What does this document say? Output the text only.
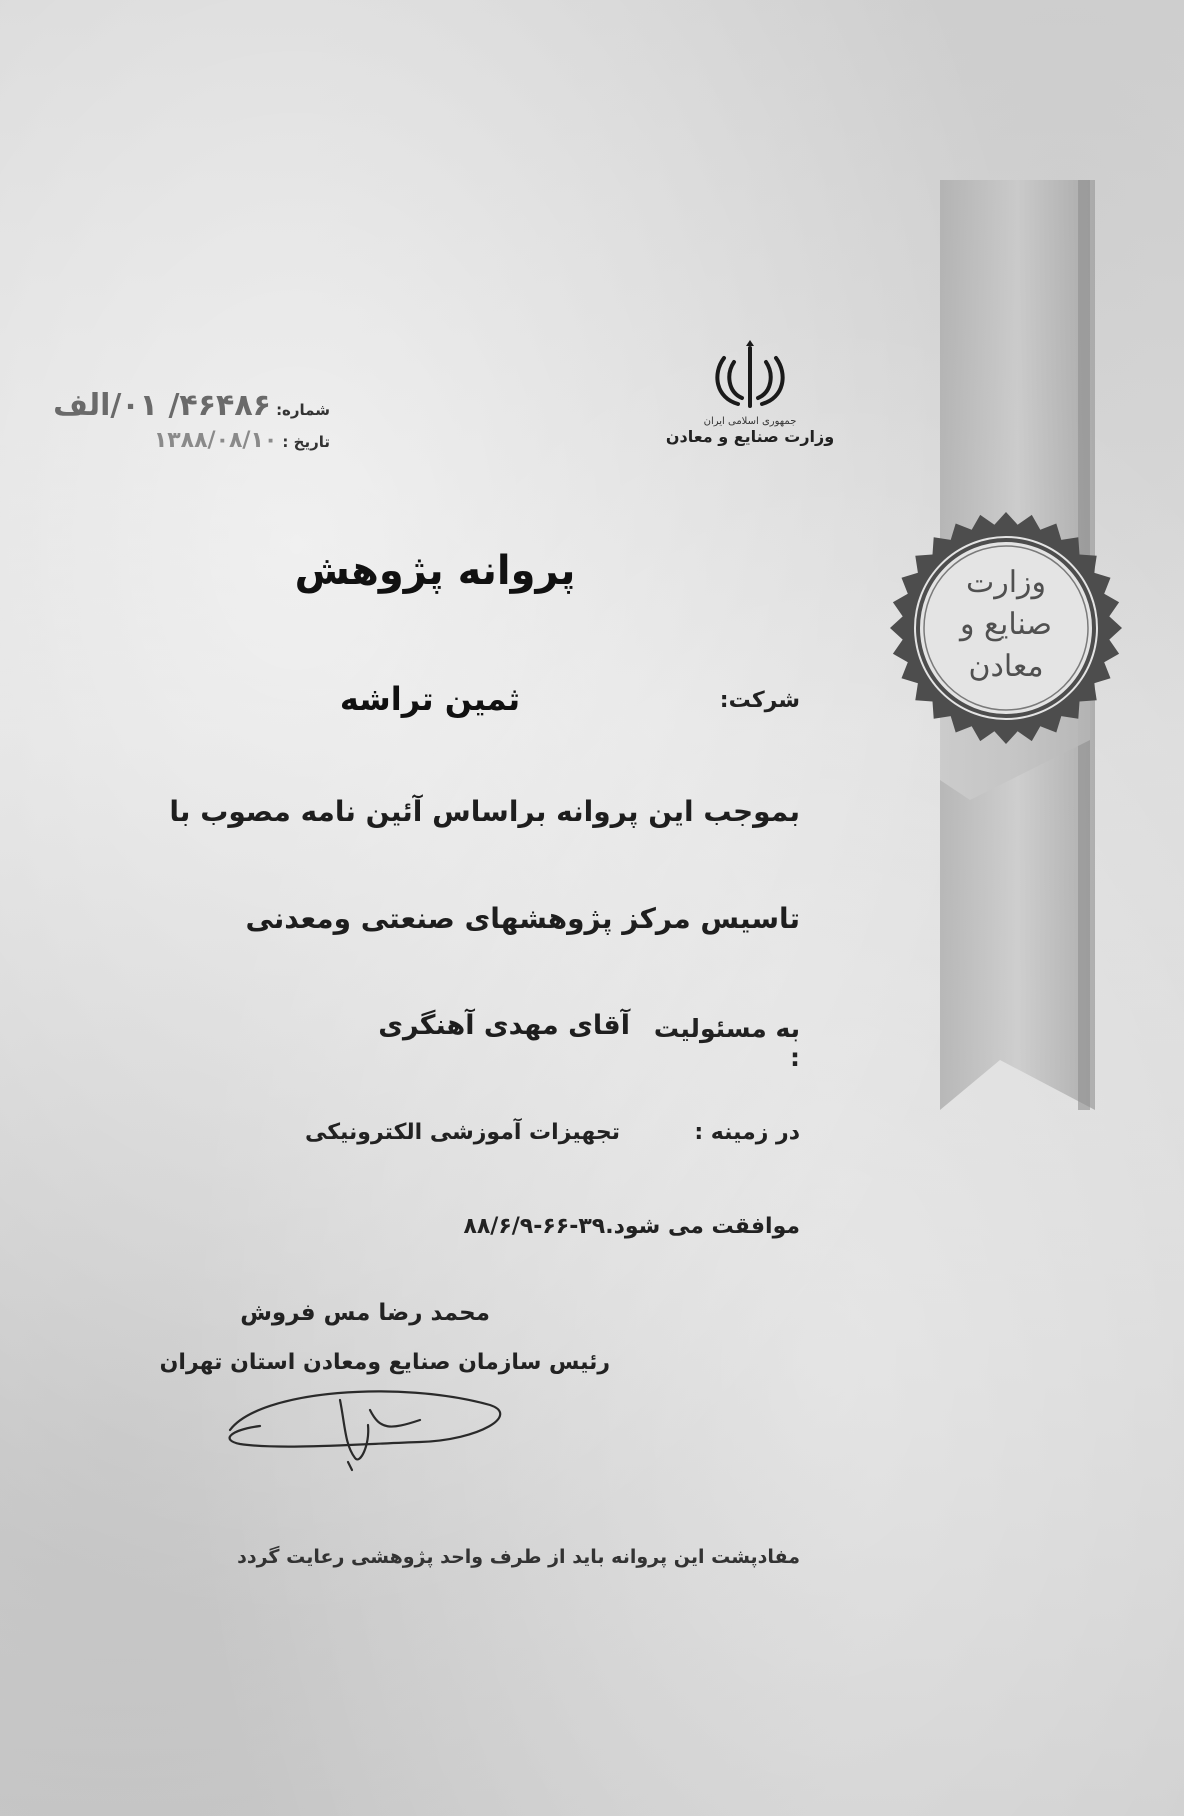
وزارت
صنایع و
معادن
جمهوری اسلامی ایران
وزارت صنایع و معادن
شماره: ۴۶۴۸۶/ ۰۱/الف
تاریخ : ۱۳۸۸/۰۸/۱۰
پروانه پژوهش
شرکت:
ثمین تراشه
بموجب این پروانه براساس آئین نامه مصوب با
تاسیس مرکز پژوهشهای صنعتی ومعدنی
به مسئولیت :
آقای مهدی آهنگری
در زمینه :
تجهیزات آموزشی الکترونیکی
موافقت می شود.۳۹-۶۶-۸۸/۶/۹
محمد رضا مس فروش
رئیس سازمان صنایع ومعادن استان تهران
مفادپشت این پروانه باید از طرف واحد پژوهشی رعایت گردد
